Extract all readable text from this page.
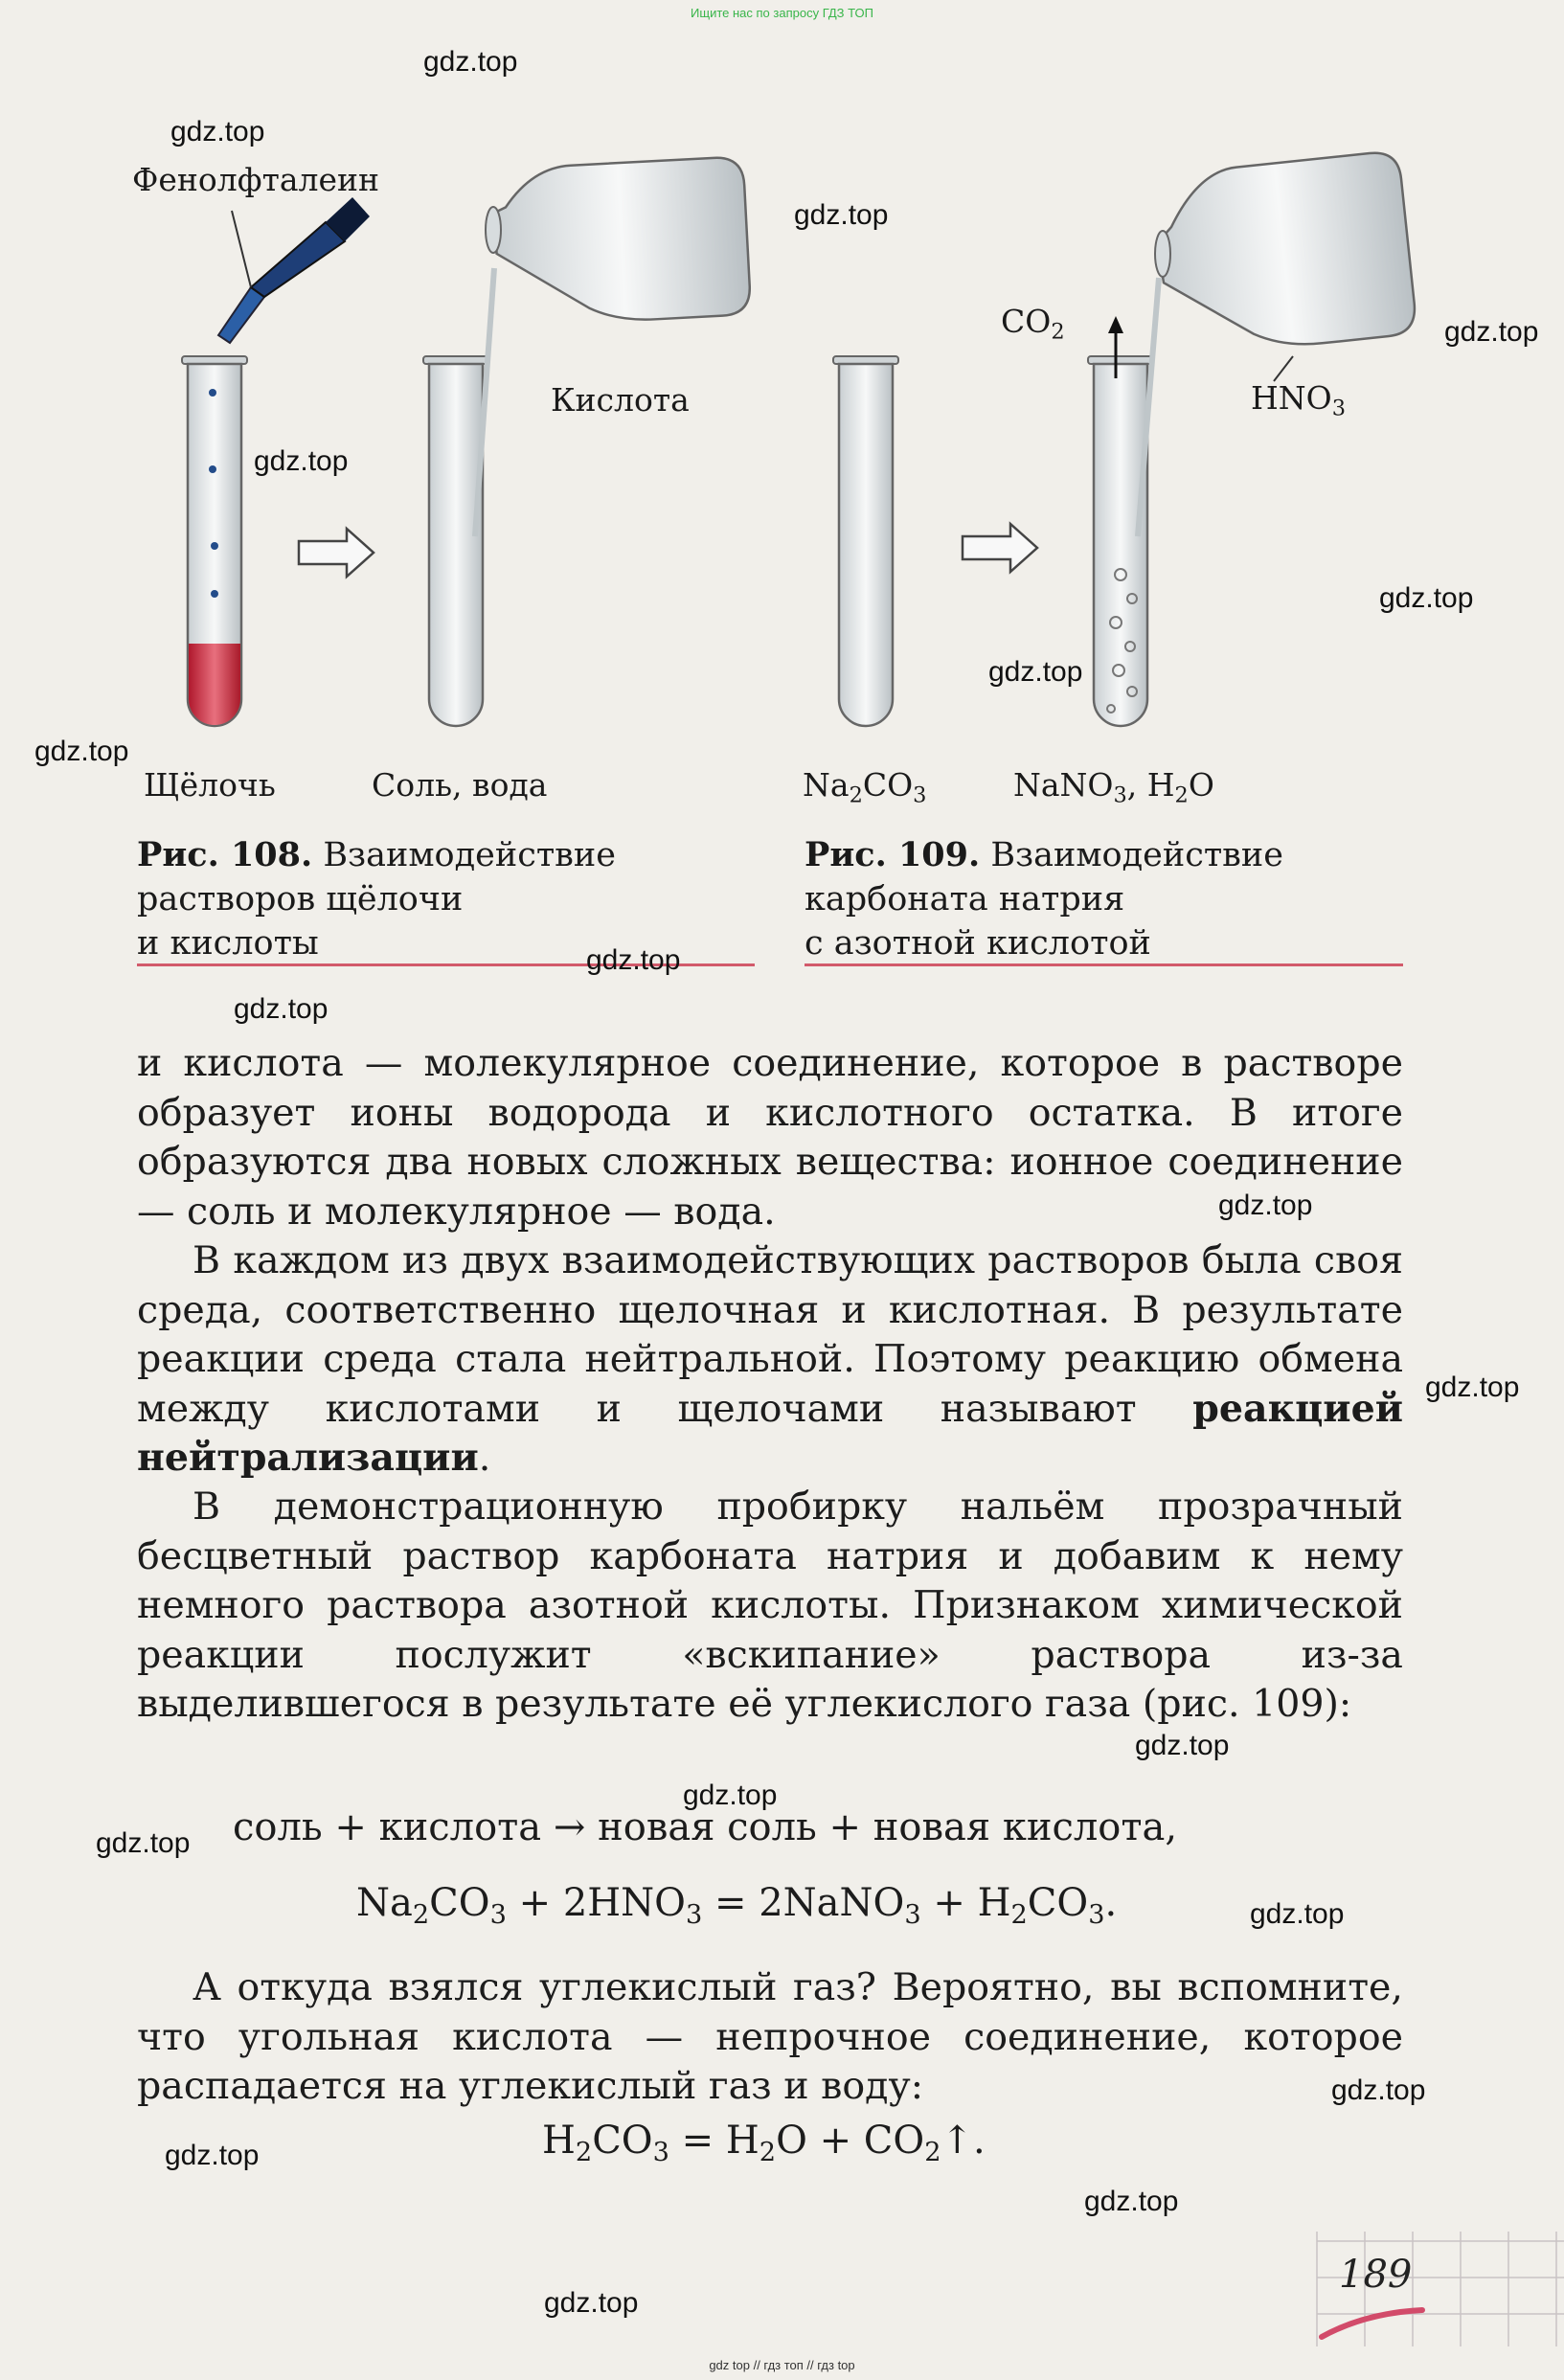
Ищите нас по запросу ГДЗ ТОП
Фенолфталеин
Кислота
Щёлочь	Соль, вода
$CO_2$
$HNO_3$
$Na_2CO_3$	NaNO$_3$, $H_2O$
Рис. 108. Взаимодействие
растворов щёлочи
и кислоты
Рис. 109. Взаимодействие
карбоната натрия
с азотной кислотой
и кислота — молекулярное соединение, которое в растворе образует ионы водорода и кислотного остатка. В итоге образуются два новых сложных вещества: ионное соединение — соль и молекулярное — вода.
В каждом из двух взаимодействующих растворов была своя среда, соответственно щелочная и кислотная. В результате реакции среда стала нейтральной. Поэтому реакцию обмена между кислотами и щелочами называют реакцией нейтрализации.
В демонстрационную пробирку нальём прозрачный бесцветный раствор карбоната натрия и добавим к нему немного раствора азотной кислоты. Признаком химической реакции послужит «вскипание» раствора из-за выделившегося в результате её углекислого газа (рис. 109):
соль + кислота → новая соль + новая кислота,
$Na_2CO_3 + 2HNO_3$ = 2NaNO$_3$ + $H_2CO_3$.
А откуда взялся углекислый газ? Вероятно, вы вспомните, что угольная кислота — непрочное соединение, которое распадается на углекислый газ и воду:
$H_2CO_3 = H_2O$ + $CO_2↑$.
189
gdz.top
gdz.top
gdz.top
gdz.top
gdz.top
gdz.top
gdz.top
gdz.top
gdz.top
gdz.top
gdz.top
gdz.top
gdz.top
gdz.top
gdz.top
gdz.top
gdz.top
gdz.top
gdz.top
gdz.top
gdz top // гдз топ // гдз top
